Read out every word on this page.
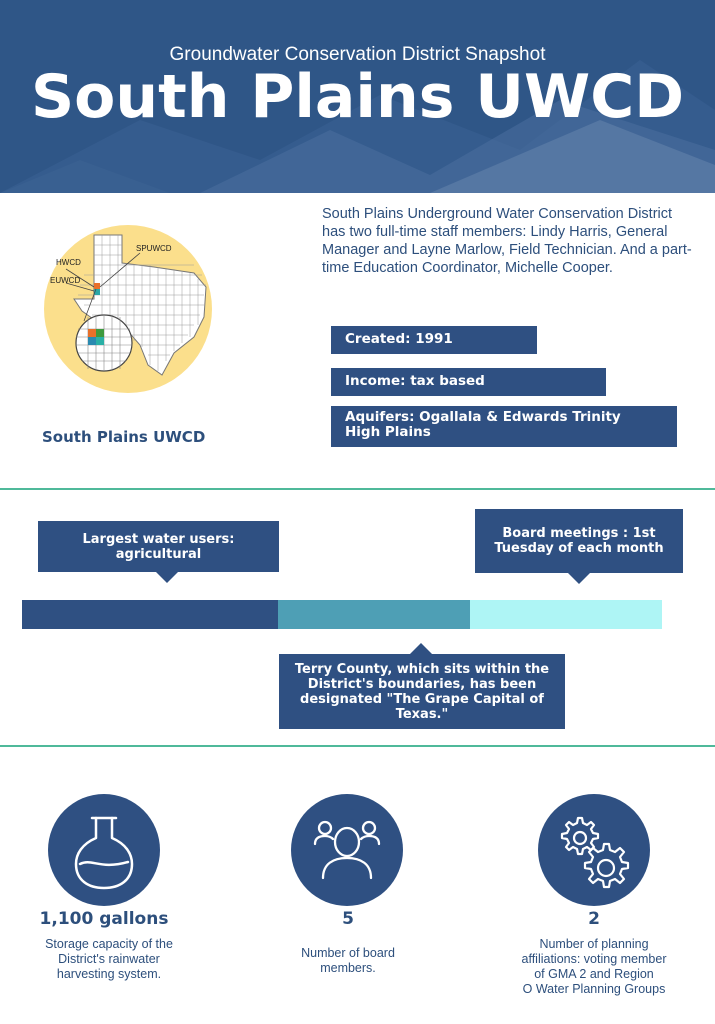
Groundwater Conservation District Snapshot
South Plains UWCD
SPUWCD
HWCD
EUWCD
South Plains UWCD
South Plains Underground Water Conservation District has two full-time staff members: Lindy Harris, General Manager and Layne Marlow, Field Technician. And a part-time Education Coordinator, Michelle Cooper.
Created: 1991
Income: tax based
Aquifers: Ogallala & Edwards Trinity
High Plains
Largest water users:
agricultural
Board meetings : 1st
Tuesday of each month
Terry County, which sits within the
District's boundaries, has been
designated "The Grape Capital of
Texas."
1,100 gallons
Storage capacity of the
District's rainwater
harvesting system.
5
Number of board
members.
2
Number of planning
affiliations: voting member
of GMA 2 and Region
O Water Planning Groups
